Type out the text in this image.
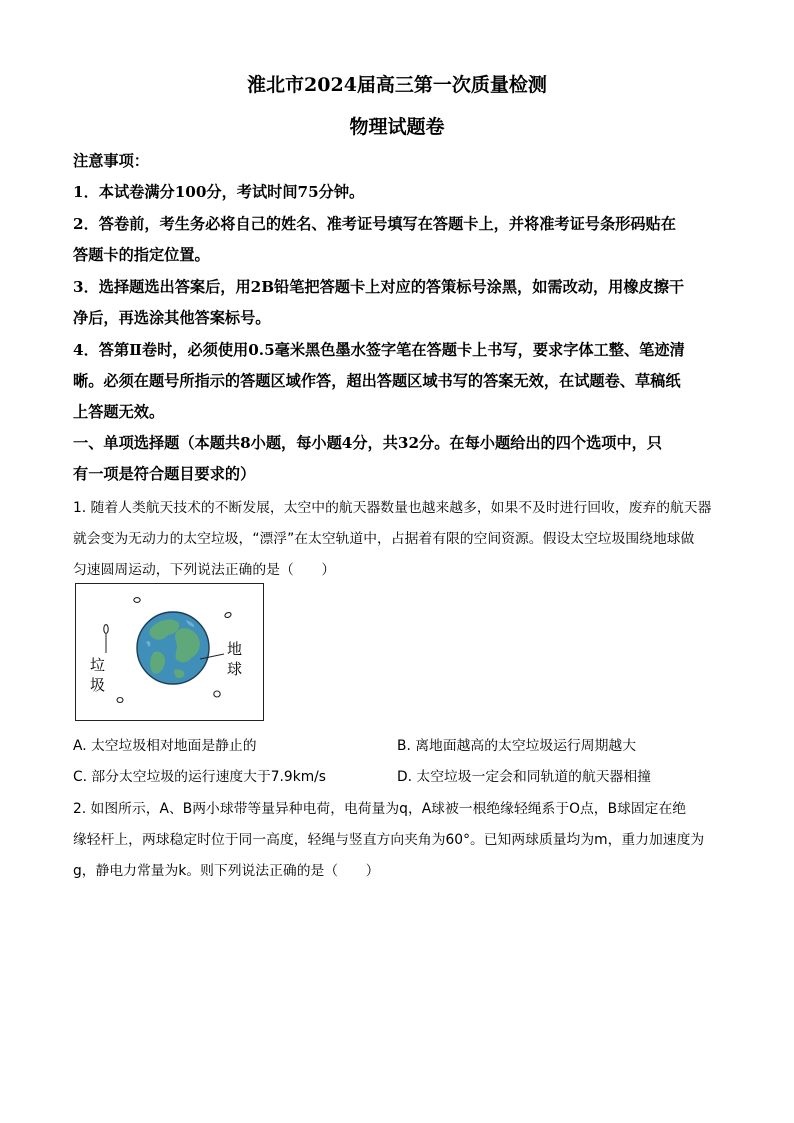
淮北市2024届高三第一次质量检测
物理试题卷
注意事项：
1．本试卷满分100分，考试时间75分钟。
2．答卷前，考生务必将自己的姓名、准考证号填写在答题卡上，并将准考证号条形码贴在
答题卡的指定位置。
3．选择题选出答案后，用2B铅笔把答题卡上对应的答策标号涂黑，如需改动，用橡皮擦干
净后，再选涂其他答案标号。
4．答第Ⅱ卷时，必须使用0.5毫米黑色墨水签字笔在答题卡上书写，要求字体工整、笔迹清
晰。必须在题号所指示的答题区域作答，超出答题区域书写的答案无效，在试题卷、草稿纸
上答题无效。
一、单项选择题（本题共8小题，每小题4分，共32分。在每小题给出的四个选项中，只
有一项是符合题目要求的）
1. 随着人类航天技术的不断发展，太空中的航天器数量也越来越多，如果不及时进行回收，废弃的航天器
就会变为无动力的太空垃圾，“漂浮”在太空轨道中，占据着有限的空间资源。假设太空垃圾围绕地球做
匀速圆周运动，下列说法正确的是（　　）
垃
圾
地
球
A. 太空垃圾相对地面是静止的	B. 离地面越高的太空垃圾运行周期越大
C. 部分太空垃圾的运行速度大于7.9km/s	D. 太空垃圾一定会和同轨道的航天器相撞
2. 如图所示，A、B两小球带等量异种电荷，电荷量为q，A球被一根绝缘轻绳系于O点，B球固定在绝
缘轻杆上，两球稳定时位于同一高度，轻绳与竖直方向夹角为60°。已知两球质量均为m，重力加速度为
g，静电力常量为k。则下列说法正确的是（　　）
